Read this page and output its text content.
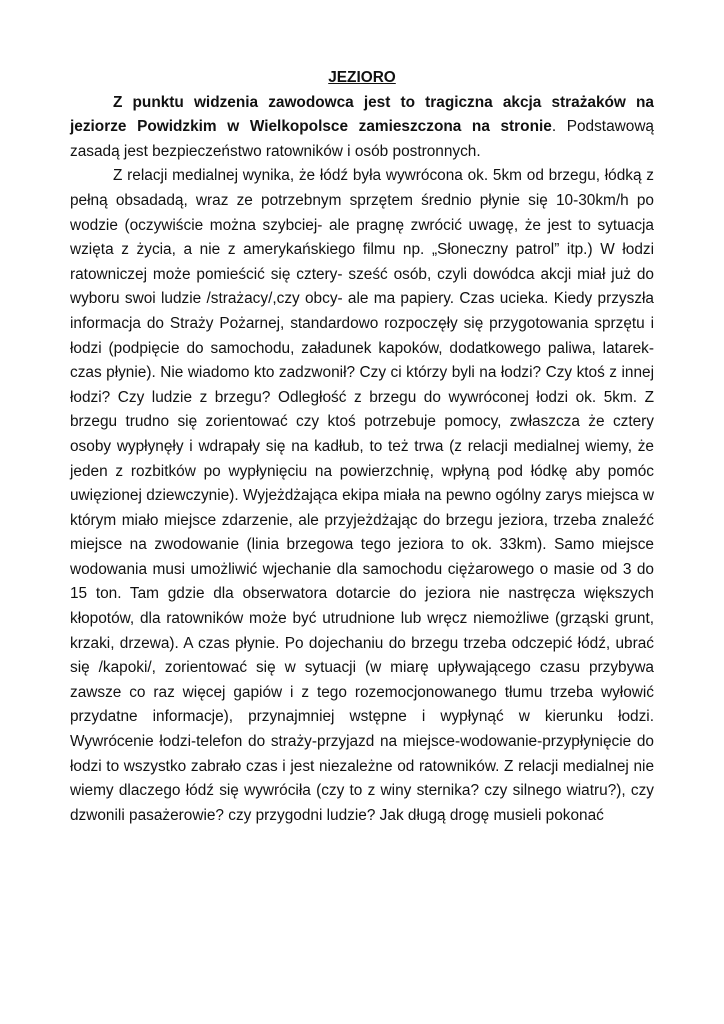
JEZIORO

Z punktu widzenia zawodowca jest to tragiczna akcja strażaków na jeziorze Powidzkim w Wielkopolsce zamieszczona na stronie. Podstawową zasadą jest bezpieczeństwo ratowników i osób postronnych.

Z relacji medialnej wynika, że łódź była wywrócona ok. 5km od brzegu, łódką z pełną obsadadą, wraz ze potrzebnym sprzętem średnio płynie się 10-30km/h po wodzie (oczywiście można szybciej- ale pragnę zwrócić uwagę, że jest to sytuacja wzięta z życia, a nie z amerykańskiego filmu np. „Słoneczny patrol” itp.) W łodzi ratowniczej może pomieścić się cztery- sześć osób, czyli dowódca akcji miał już do wyboru swoi ludzie /strażacy/,czy obcy- ale ma papiery. Czas ucieka. Kiedy przyszła informacja do Straży Pożarnej, standardowo rozpoczęły się przygotowania sprzętu i łodzi (podpięcie do samochodu, załadunek kapoków, dodatkowego paliwa, latarek-czas płynie). Nie wiadomo kto zadzwonił? Czy ci którzy byli na łodzi? Czy ktoś z innej łodzi? Czy ludzie z brzegu? Odległość z brzegu do wywróconej łodzi ok. 5km. Z brzegu trudno się zorientować czy ktoś potrzebuje pomocy, zwłaszcza że cztery osoby wypłynęły i wdrapały się na kadłub, to też trwa (z relacji medialnej wiemy, że jeden z rozbitków po wypłynięciu na powierzchnię, wpłyną pod łódkę aby pomóc uwięzionej dziewczynie). Wyjeżdżająca ekipa miała na pewno ogólny zarys miejsca w którym miało miejsce zdarzenie, ale przyjeżdżając do brzegu jeziora, trzeba znaleźć miejsce na zwodowanie (linia brzegowa tego jeziora to ok. 33km). Samo miejsce wodowania musi umożliwić wjechanie dla samochodu ciężarowego o masie od 3 do 15 ton. Tam gdzie dla obserwatora dotarcie do jeziora nie nastręcza większych kłopotów, dla ratowników może być utrudnione lub wręcz niemożliwe (grząski grunt, krzaki, drzewa). A czas płynie. Po dojechaniu do brzegu trzeba odczepić łódź, ubrać się /kapoki/, zorientować się w sytuacji (w miarę upływającego czasu przybywa zawsze co raz więcej gapiów i z tego rozemocjonowanego tłumu trzeba wyłowić przydatne informacje), przynajmniej wstępne i wypłynąć w kierunku łodzi. Wywrócenie łodzi-telefon do straży-przyjazd na miejsce-wodowanie-przypłynięcie do łodzi to wszystko zabrało czas i jest niezależne od ratowników. Z relacji medialnej nie wiemy dlaczego łódź się wywróciła (czy to z winy sternika? czy silnego wiatru?), czy dzwonili pasażerowie? czy przygodni ludzie? Jak długą drogę musieli pokonać
